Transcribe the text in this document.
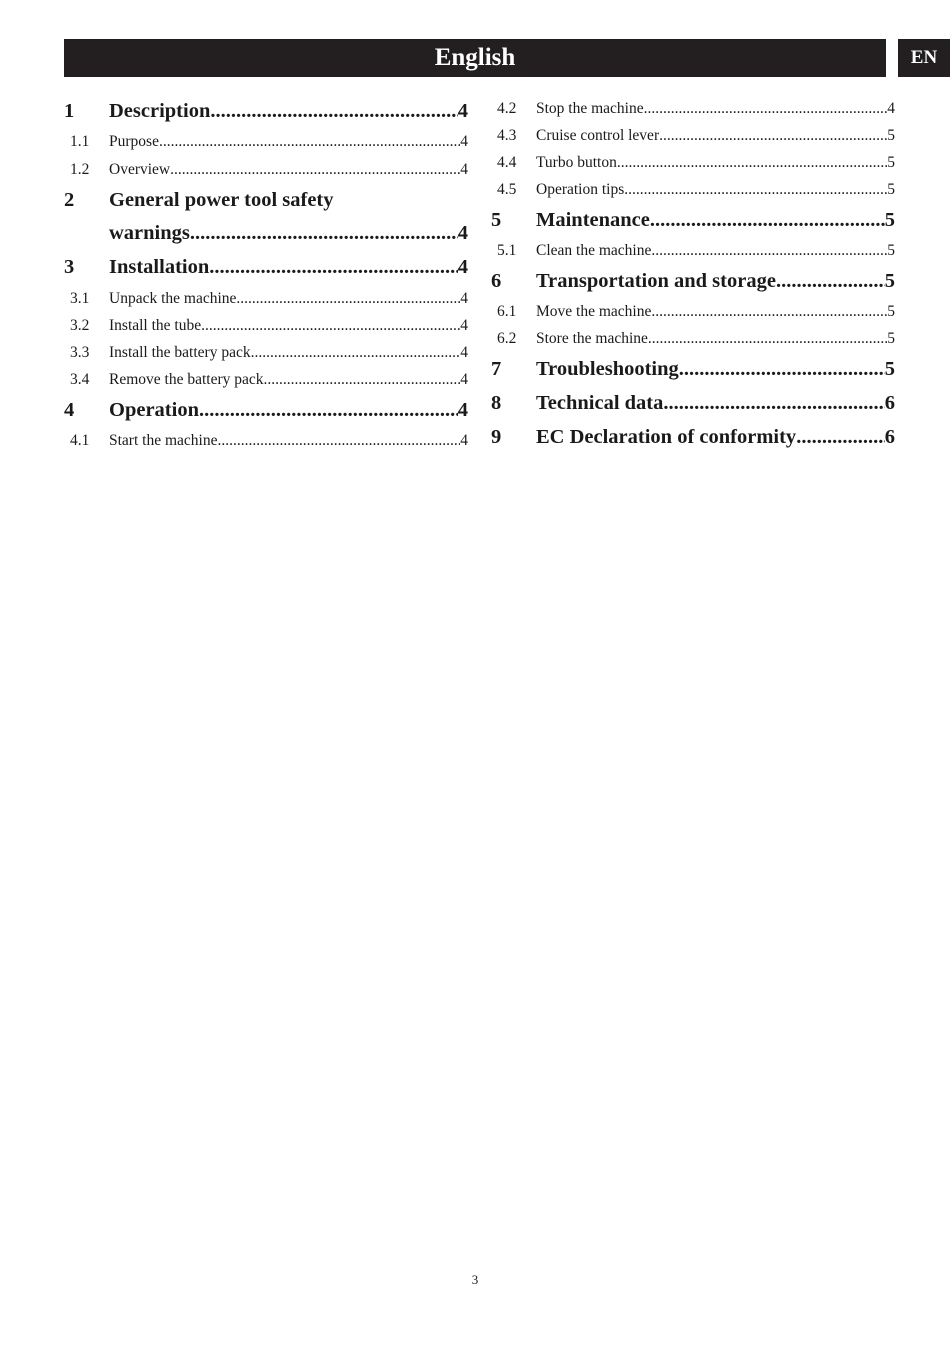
English	EN
1	Description .....	4
1.1	Purpose .....	4
1.2	Overview .....	4
2	General power tool safety
warnings .....	4
3	Installation .....	4
3.1	Unpack the machine .....	4
3.2	Install the tube .....	4
3.3	Install the battery pack .....	4
3.4	Remove the battery pack .....	4
4	Operation .....	4
4.1	Start the machine .....	4
4.2	Stop the machine .....	4
4.3	Cruise control lever .....	5
4.4	Turbo button .....	5
4.5	Operation tips .....	5
5	Maintenance .....	5
5.1	Clean the machine .....	5
6	Transportation and storage .....	5
6.1	Move the machine .....	5
6.2	Store the machine .....	5
7	Troubleshooting .....	5
8	Technical data .....	6
9	EC Declaration of conformity .....	6
3
